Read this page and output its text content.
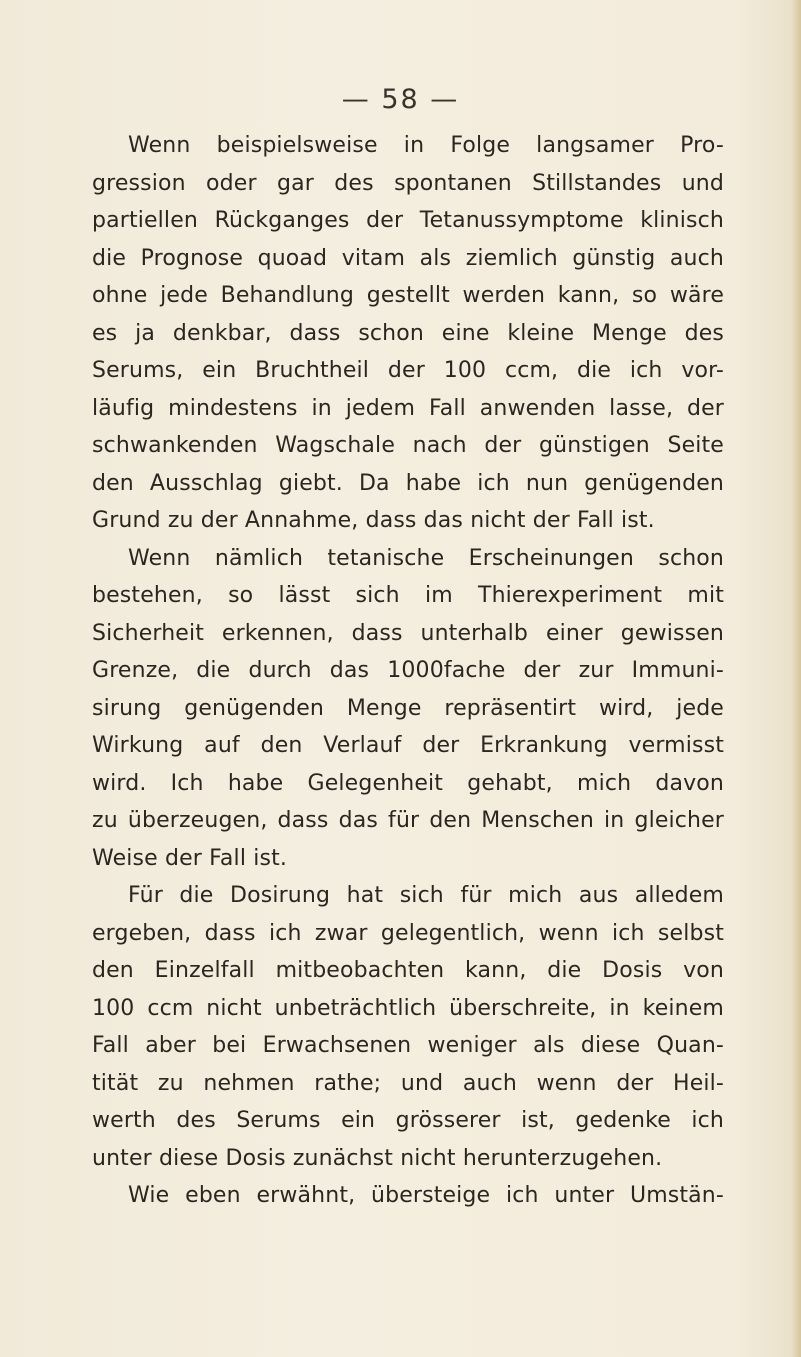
— 58 —
Wenn beispielsweise in Folge langsamer Pro-
gression oder gar des spontanen Stillstandes und
partiellen Rückganges der Tetanussymptome klinisch
die Prognose quoad vitam als ziemlich günstig auch
ohne jede Behandlung gestellt werden kann, so wäre
es ja denkbar, dass schon eine kleine Menge des
Serums, ein Bruchtheil der 100 ccm, die ich vor-
läufig mindestens in jedem Fall anwenden lasse, der
schwankenden Wagschale nach der günstigen Seite
den Ausschlag giebt. Da habe ich nun genügenden
Grund zu der Annahme, dass das nicht der Fall ist.
Wenn nämlich tetanische Erscheinungen schon
bestehen, so lässt sich im Thierexperiment mit
Sicherheit erkennen, dass unterhalb einer gewissen
Grenze, die durch das 1000fache der zur Immuni-
sirung genügenden Menge repräsentirt wird, jede
Wirkung auf den Verlauf der Erkrankung vermisst
wird. Ich habe Gelegenheit gehabt, mich davon
zu überzeugen, dass das für den Menschen in gleicher
Weise der Fall ist.
Für die Dosirung hat sich für mich aus alledem
ergeben, dass ich zwar gelegentlich, wenn ich selbst
den Einzelfall mitbeobachten kann, die Dosis von
100 ccm nicht unbeträchtlich überschreite, in keinem
Fall aber bei Erwachsenen weniger als diese Quan-
tität zu nehmen rathe; und auch wenn der Heil-
werth des Serums ein grösserer ist, gedenke ich
unter diese Dosis zunächst nicht herunterzugehen.
Wie eben erwähnt, übersteige ich unter Umstän-
